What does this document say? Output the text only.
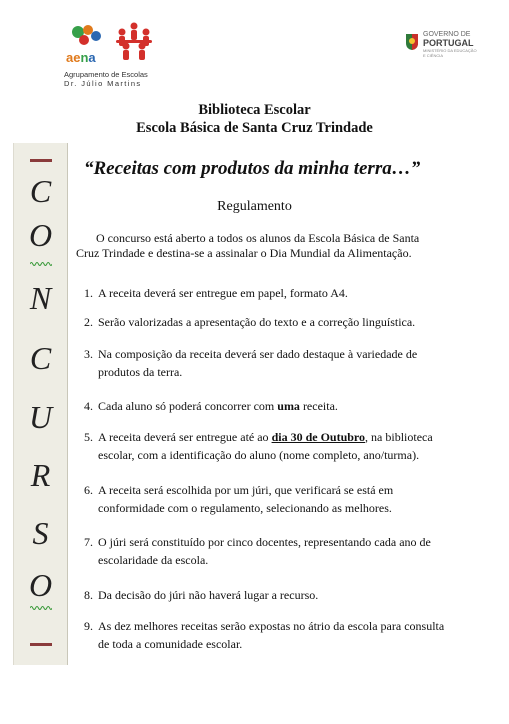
aena
Agrupamento de Escolas
Dr. Júlio Martins
GOVERNO DE
PORTUGAL
MINISTÉRIO DA EDUCAÇÃO
E CIÊNCIA
Biblioteca Escolar
Escola Básica de Santa Cruz Trindade
C
O
N
C
U
R
S
O
“Receitas com produtos da minha terra…”
Regulamento
O concurso está aberto a todos os alunos da Escola Básica de Santa
Cruz Trindade e destina-se a assinalar o Dia Mundial da Alimentação.
1. A receita deverá ser entregue em papel, formato A4.
2. Serão valorizadas a apresentação do texto e a correção linguística.
3. Na composição da receita deverá ser dado destaque à variedade de
produtos da terra.
4. Cada aluno só poderá concorrer com uma receita.
5. A receita deverá ser entregue até ao dia 30 de Outubro, na biblioteca
escolar, com a identificação do aluno (nome completo, ano/turma).
6. A receita será escolhida por um júri, que verificará se está em
conformidade com o regulamento, selecionando as melhores.
7. O júri será constituído por cinco docentes, representando cada ano de
escolaridade da escola.
8. Da decisão do júri não haverá lugar a recurso.
9. As dez melhores receitas serão expostas no átrio da escola para consulta
de toda a comunidade escolar.
